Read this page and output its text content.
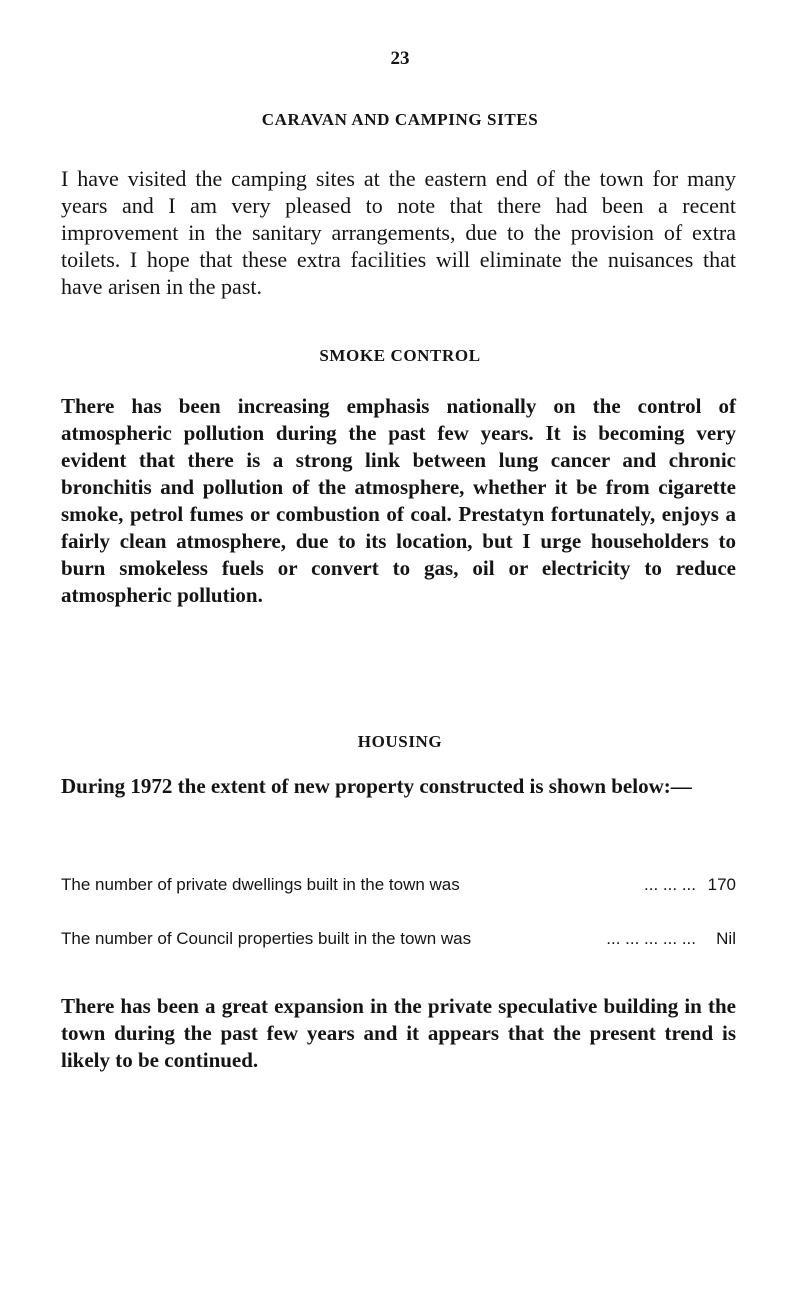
23

CARAVAN AND CAMPING SITES

I have visited the camping sites at the eastern end of the town for many years and I am very pleased to note that there had been a recent improvement in the sanitary arrangements, due to the provision of extra toilets. I hope that these extra facilities will eliminate the nuisances that have arisen in the past.

SMOKE CONTROL

There has been increasing emphasis nationally on the control of atmospheric pollution during the past few years. It is becoming very evident that there is a strong link between lung cancer and chronic bronchitis and pollution of the atmosphere, whether it be from cigarette smoke, petrol fumes or combustion of coal. Prestatyn fortunately, enjoys a fairly clean atmosphere, due to its location, but I urge householders to burn smokeless fuels or convert to gas, oil or electricity to reduce atmospheric pollution.

HOUSING

During 1972 the extent of new property constructed is shown below:—

The number of private dwellings built in the town was	... ... ... 170
The number of Council properties built in the town was	... ... ... ... ...	Nil

There has been a great expansion in the private speculative building in the town during the past few years and it appears that the present trend is likely to be continued.
